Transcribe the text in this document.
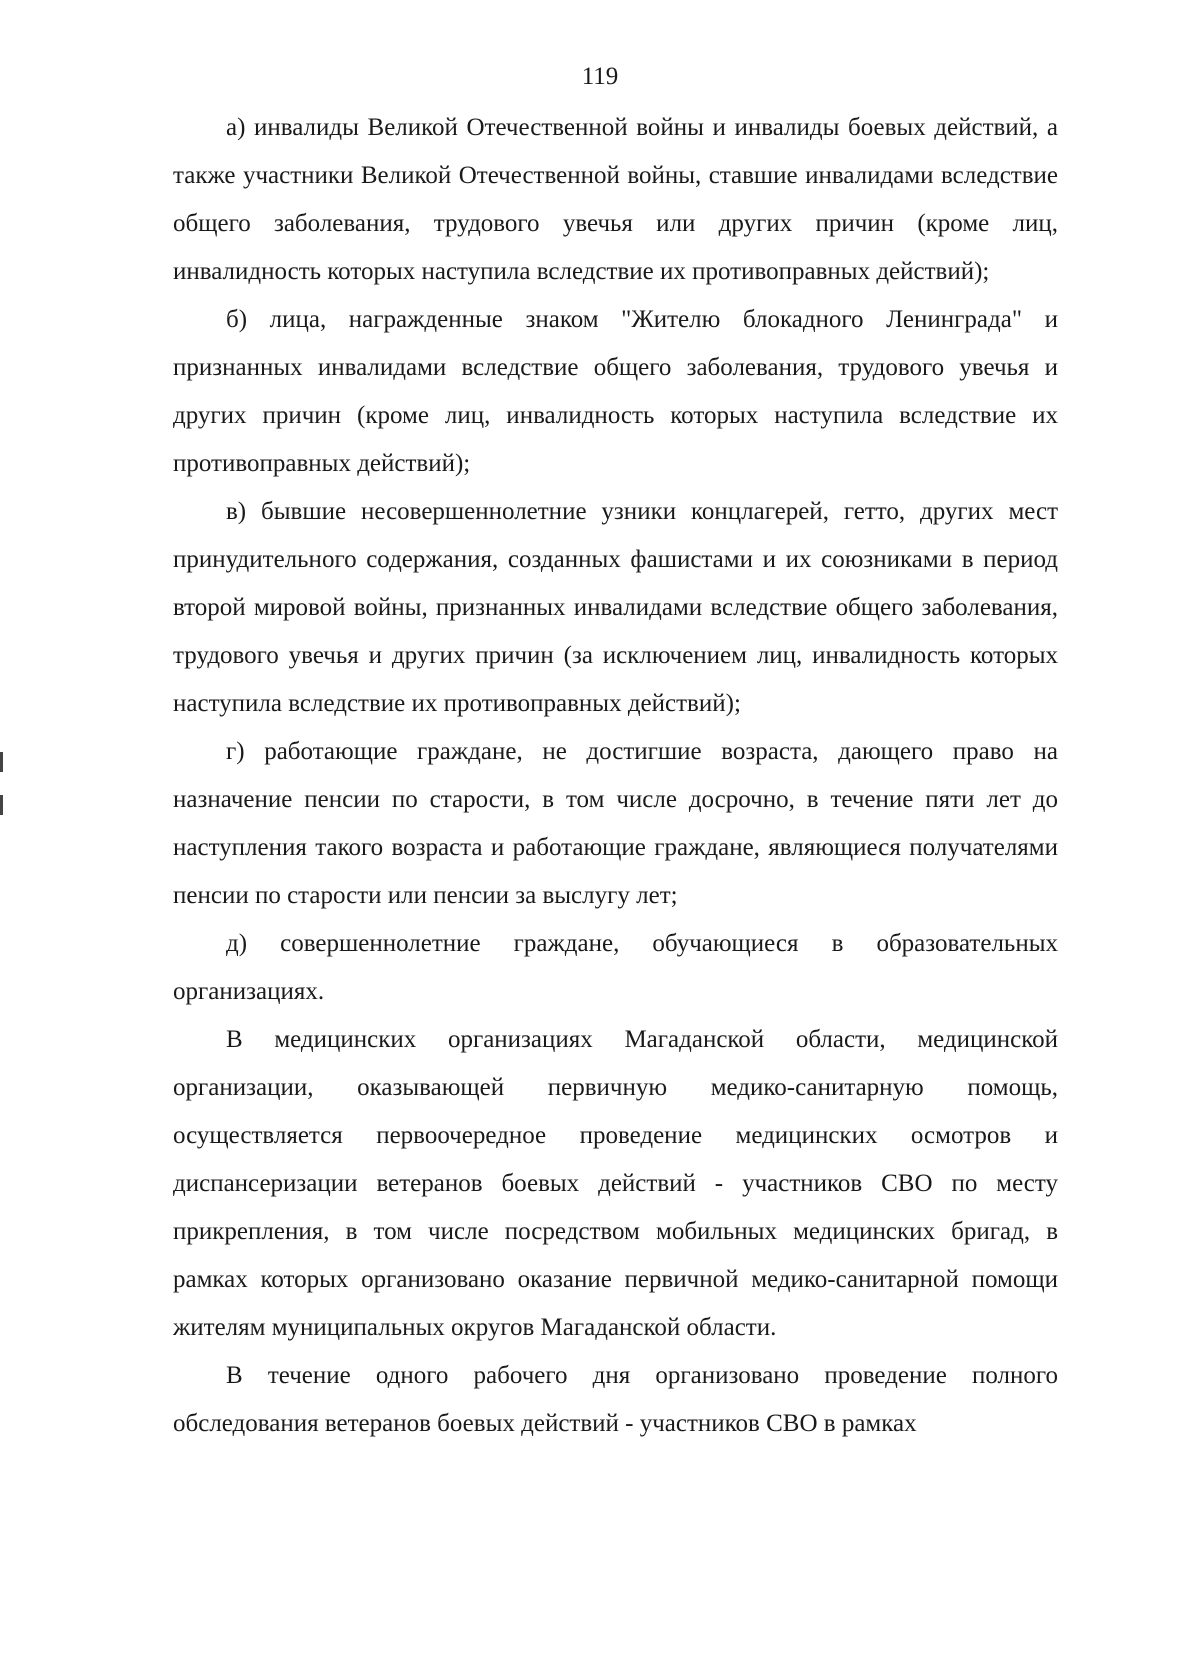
119

а) инвалиды Великой Отечественной войны и инвалиды боевых действий, а также участники Великой Отечественной войны, ставшие инвалидами вследствие общего заболевания, трудового увечья или других причин (кроме лиц, инвалидность которых наступила вследствие их противоправных действий);

б) лица, награжденные знаком "Жителю блокадного Ленинграда" и признанных инвалидами вследствие общего заболевания, трудового увечья и других причин (кроме лиц, инвалидность которых наступила вследствие их противоправных действий);

в) бывшие несовершеннолетние узники концлагерей, гетто, других мест принудительного содержания, созданных фашистами и их союзниками в период второй мировой войны, признанных инвалидами вследствие общего заболевания, трудового увечья и других причин (за исключением лиц, инвалидность которых наступила вследствие их противоправных действий);

г) работающие граждане, не достигшие возраста, дающего право на назначение пенсии по старости, в том числе досрочно, в течение пяти лет до наступления такого возраста и работающие граждане, являющиеся получателями пенсии по старости или пенсии за выслугу лет;

д) совершеннолетние граждане, обучающиеся в образовательных организациях.

В медицинских организациях Магаданской области, медицинской организации, оказывающей первичную медико-санитарную помощь, осуществляется первоочередное проведение медицинских осмотров и диспансеризации ветеранов боевых действий - участников СВО по месту прикрепления, в том числе посредством мобильных медицинских бригад, в рамках которых организовано оказание первичной медико-санитарной помощи жителям муниципальных округов Магаданской области.

В течение одного рабочего дня организовано проведение полного обследования ветеранов боевых действий - участников СВО в рамках
